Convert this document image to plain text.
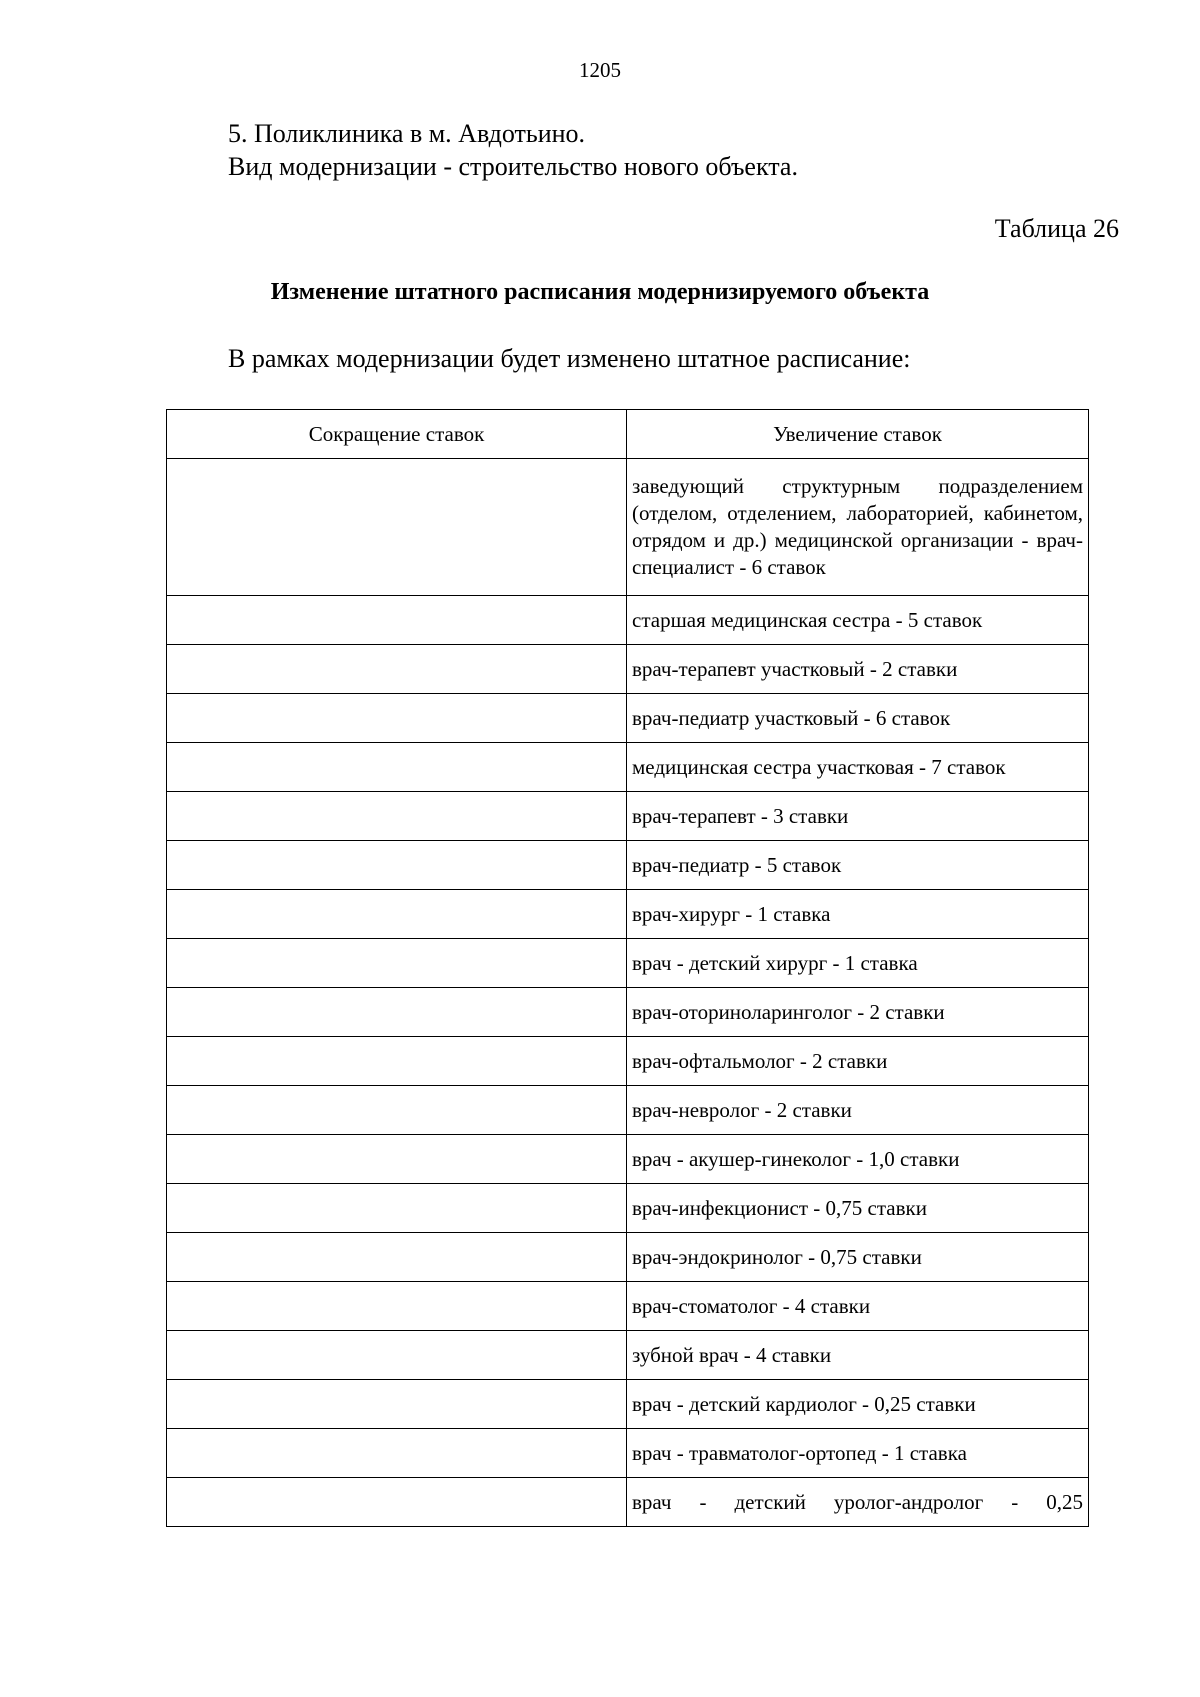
1205
5. Поликлиника в м. Авдотьино.
Вид модернизации - строительство нового объекта.
Таблица 26
Изменение штатного расписания модернизируемого объекта
В рамках модернизации будет изменено штатное расписание:
Сокращение ставок	Увеличение ставок
	заведующий структурным подразделением (отделом, отделением, лабораторией, кабинетом, отрядом и др.) медицинской организации - врач-специалист - 6 ставок
	старшая медицинская сестра - 5 ставок
	врач-терапевт участковый - 2 ставки
	врач-педиатр участковый - 6 ставок
	медицинская сестра участковая - 7 ставок
	врач-терапевт - 3 ставки
	врач-педиатр - 5 ставок
	врач-хирург - 1 ставка
	врач - детский хирург - 1 ставка
	врач-оториноларинголог - 2 ставки
	врач-офтальмолог - 2 ставки
	врач-невролог - 2 ставки
	врач - акушер-гинеколог - 1,0 ставки
	врач-инфекционист - 0,75 ставки
	врач-эндокринолог - 0,75 ставки
	врач-стоматолог - 4 ставки
	зубной врач - 4 ставки
	врач - детский кардиолог - 0,25 ставки
	врач - травматолог-ортопед - 1 ставка
	врач - детский уролог-андролог - 0,25
